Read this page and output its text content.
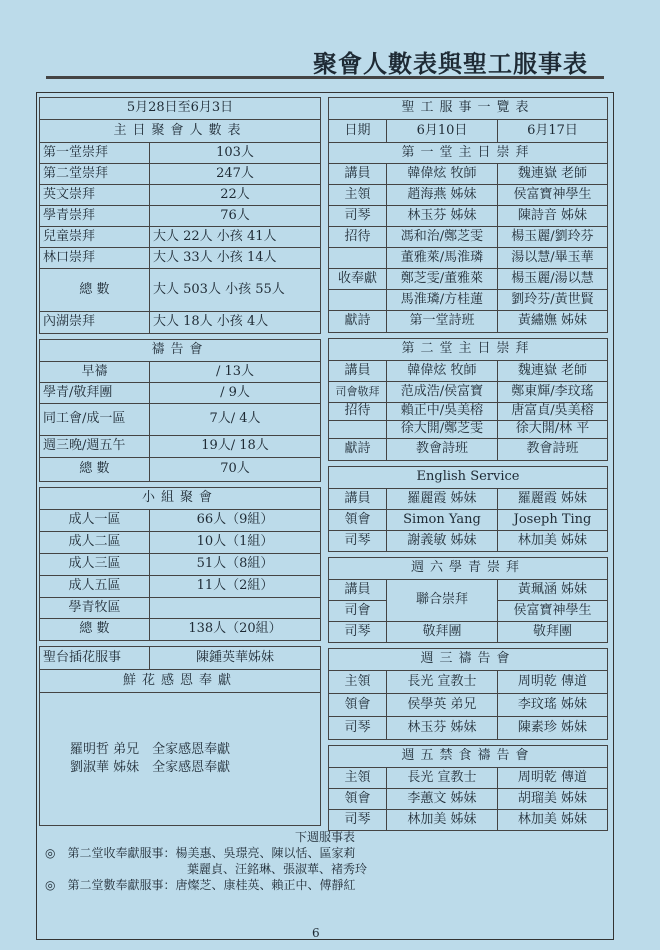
聚會人數表與聖工服事表
5月28日至6月3日	
主日聚會人數表	
第一堂崇拜	103人
第二堂崇拜	247人
英文崇拜	22人
學青崇拜	76人
兒童崇拜	大人 22人 小孩 41人
林口崇拜	大人 33人 小孩 14人
總 數	大人 503人 小孩 55人
內湖崇拜	大人 18人 小孩 4人

禱告會	
早禱	/ 13人
學青/敬拜團	/ 9人
同工會/成一區	7人/ 4人
週三晚/週五午	19人/ 18人
總 數	70人

小組聚會	
成人一區	66人（9組）
成人二區	10人（1組）
成人三區	51人（8組）
成人五區	11人（2組）
學青牧區	
總 數	138人（20組）

聖台插花服事	陳鍾英華姊妹
鮮花感恩奉獻	

羅明哲 弟兄　全家感恩奉獻
劉淑華 姊妹　全家感恩奉獻	
聖工服事一覽表		
日期	6月10日	6月17日
第一堂主日崇拜		
講員	韓偉炫 牧師	魏連嶽 老師
主領	趙海燕 姊妹	侯富寶神學生
司琴	林玉芬 姊妹	陳詩音 姊妹
招待	馮和治/鄭芝雯	楊玉麗/劉玲芬
	董雅萊/馬淮璘	湯以慧/畢玉華
收奉獻	鄭芝雯/董雅萊	楊玉麗/湯以慧
	馬淮璘/方桂蓮	劉玲芬/黃世賢
獻詩	第一堂詩班	黃繡嫵 姊妹

第二堂主日崇拜		
講員	韓偉炫 牧師	魏連嶽 老師
司會敬拜	范成浩/侯富寶	鄭東輝/李玟瑤
招待	賴正中/吳美榕	唐富貞/吳美榕
	徐大開/鄭芝雯	徐大開/林 平
獻詩	教會詩班	教會詩班

English Service		
講員	羅麗霞 姊妹	羅麗霞 姊妹
領會	Simon Yang	Joseph Ting
司琴	謝義敏 姊妹	林加美 姊妹

週六學青崇拜		
講員	聯合崇拜	黃珮涵 姊妹
司會		侯富寶神學生
司琴	敬拜團	敬拜團

週三禱告會		
主領	長光 宣教士	周明乾 傳道
領會	侯學英 弟兄	李玟瑤 姊妹
司琴	林玉芬 姊妹	陳素珍 姊妹

週五禁食禱告會		
主領	長光 宣教士	周明乾 傳道
領會	李蕙文 姊妹	胡瑠美 姊妹
司琴	林加美 姊妹	林加美 姊妹
下週服事表
◎　第二堂收奉獻服事：楊美惠、吳璟亮、陳以恬、區家莉
葉麗貞、汪銘琳、張淑華、褚秀玲
◎　第二堂數奉獻服事：唐燦芝、康桂英、賴正中、傅靜紅
6
